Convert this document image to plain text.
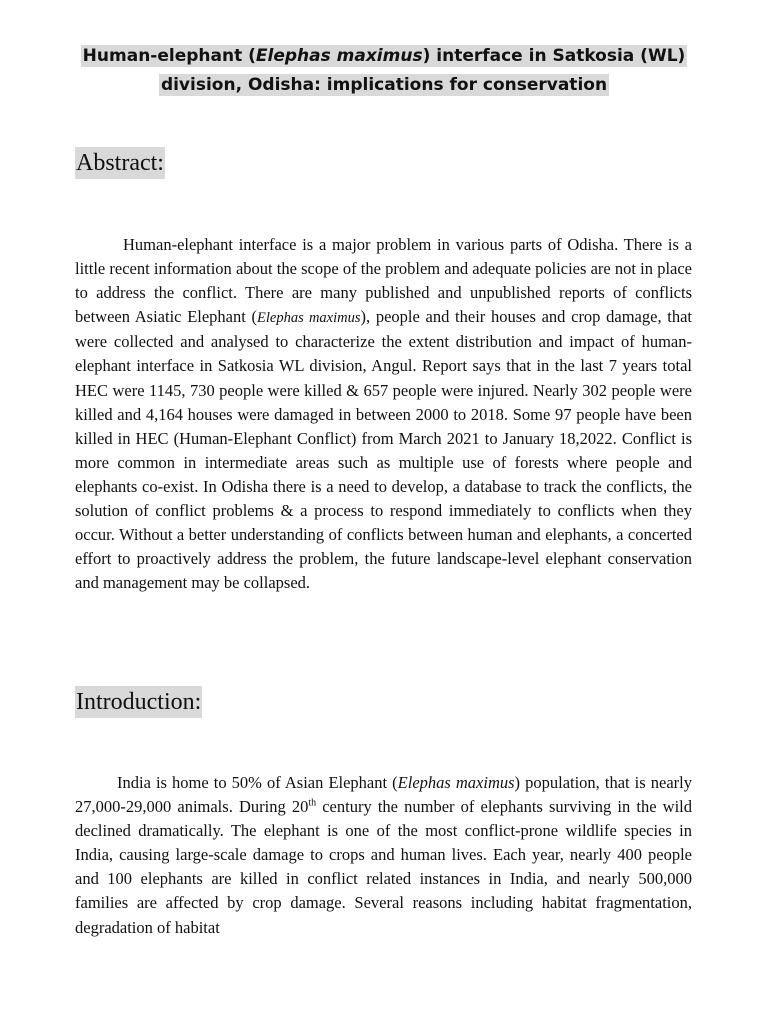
Human-elephant (Elephas maximus) interface in Satkosia (WL)
division, Odisha: implications for conservation
Abstract:

Human-elephant interface is a major problem in various parts of Odisha. There is a little recent information about the scope of the problem and adequate policies are not in place to address the conflict. There are many published and unpublished reports of conflicts between Asiatic Elephant (Elephas maximus), people and their houses and crop damage, that were collected and analysed to characterize the extent distribution and impact of human-elephant interface in Satkosia WL division, Angul. Report says that in the last 7 years total HEC were 1145, 730 people were killed & 657 people were injured. Nearly 302 people were killed and 4,164 houses were damaged in between 2000 to 2018. Some 97 people have been killed in HEC (Human-Elephant Conflict) from March 2021 to January 18,2022. Conflict is more common in intermediate areas such as multiple use of forests where people and elephants co-exist. In Odisha there is a need to develop, a database to track the conflicts, the solution of conflict problems & a process to respond immediately to conflicts when they occur. Without a better understanding of conflicts between human and elephants, a concerted effort to proactively address the problem, the future landscape-level elephant conservation and management may be collapsed.

Introduction:

India is home to 50% of Asian Elephant (Elephas maximus) population, that is nearly 27,000-29,000 animals. During 20th century the number of elephants surviving in the wild declined dramatically. The elephant is one of the most conflict-prone wildlife species in India, causing large-scale damage to crops and human lives. Each year, nearly 400 people and 100 elephants are killed in conflict related instances in India, and nearly 500,000 families are affected by crop damage. Several reasons including habitat fragmentation, degradation of habitat
